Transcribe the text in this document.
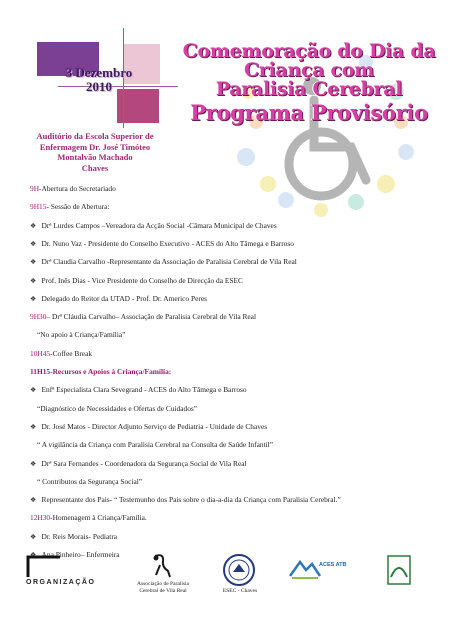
3 Dezembro
2010
Auditório da Escola Superior de
Enfermagem Dr. José Timóteo
Montalvão Machado
Chaves
Comemoração do Dia da
Criança com
Paralisia Cerebral
Programa Provisório
9H-Abertura do Secretariado
9H15- Sessão de Abertura:
❖   Drª Lurdes Campos –Vereadora da Acção Social -Câmara Municipal de Chaves
❖   Dr. Nuno Vaz - Presidente do Conselho Executivo - ACES do Alto Tâmega e Barroso
❖   Drª Claudia Carvalho -Representante da Associação de Paralisia Cerebral de Vila Real
❖   Prof. Inês Dias - Vice Presidente do Conselho de Direcção da ESEC
❖   Delegado do Reitor da UTAD - Prof. Dr. Americo Peres
9H30– Drª Cláudia Carvalho– Associação de Paralisia Cerebral de Vila Real
“No apoio à Criança/Família”
10H45-Coffee Break
11H15-Recursos e Apoios à Criança/Família:
❖   Enfª Especialista Clara Sevegrand - ACES do Alto Tâmega e Barroso
“Diagnóstico de Necessidades e Ofertas de Cuidados”
❖   Dr. José Matos - Director Adjunto Serviço de Pediatria - Unidade de Chaves
“ A vigilância da Criança com Paralisia Cerebral na Consulta de Saúde Infantil”
❖   Drª Sara Fernandes - Coordenadora da Segurança Social de Vila Real
“ Contributos da Segurança Social”
❖   Representante dos Pais- “ Testemunho dos Pais sobre o dia-a-dia da Criança com Paralisia Cerebral.”
12H30-Homenagem à Criança/Família.
❖   Dr. Reis Morais- Pediatra
❖   Ana Pinheiro– Enfermeira
ORGANIZAÇÃO	Associação de Paralisia
Cerebral de Vila Real	ESEC - Chaves
ACES ATB
